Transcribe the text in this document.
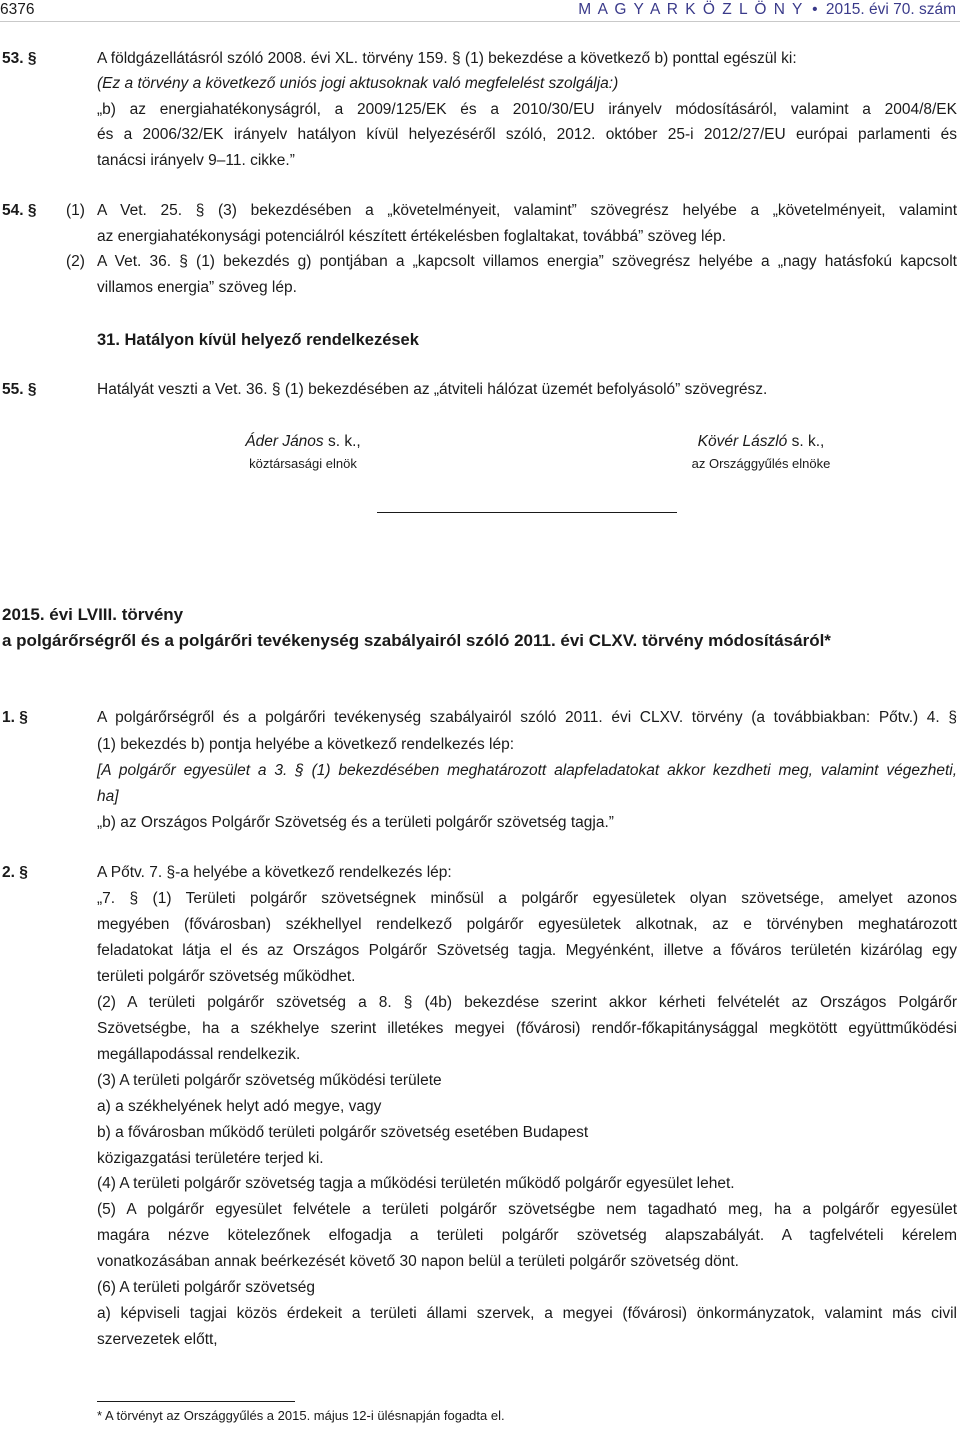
6376	M A G Y A R K Ö Z L Ö N Y • 2015. évi 70. szám
53. §	A földgázellátásról szóló 2008. évi XL. törvény 159. § (1) bekezdése a következő b) ponttal egészül ki:
(Ez a törvény a következő uniós jogi aktusoknak való megfelelést szolgálja:)
„b) az energiahatékonyságról, a 2009/125/EK és a 2010/30/EU irányelv módosításáról, valamint a 2004/8/EK
és a 2006/32/EK irányelv hatályon kívül helyezéséről szóló, 2012. október 25-i 2012/27/EU európai parlamenti és
tanácsi irányelv 9–11. cikke.”
54. § (1) A Vet. 25. § (3) bekezdésében a „követelményeit, valamint” szövegrész helyébe a „követelményeit, valamint
az energiahatékonysági potenciálról készített értékelésben foglaltakat, továbbá” szöveg lép.
(2) A Vet. 36. § (1) bekezdés g) pontjában a „kapcsolt villamos energia” szövegrész helyébe a „nagy hatásfokú kapcsolt
villamos energia” szöveg lép.
31. Hatályon kívül helyező rendelkezések
55. §	Hatályát veszti a Vet. 36. § (1) bekezdésében az „átviteli hálózat üzemét befolyásoló” szövegrész.
Áder János s. k.,
köztársasági elnök
Kövér László s. k.,
az Országgyűlés elnöke
2015. évi LVIII. törvény
a polgárőrségről és a polgárőri tevékenység szabályairól szóló 2011. évi CLXV. törvény módosításáról*
1. §	A polgárőrségről és a polgárőri tevékenység szabályairól szóló 2011. évi CLXV. törvény (a továbbiakban: Pőtv.) 4. §
(1) bekezdés b) pontja helyébe a következő rendelkezés lép:
[A polgárőr egyesület a 3. § (1) bekezdésében meghatározott alapfeladatokat akkor kezdheti meg, valamint végezheti,
ha]
„b) az Országos Polgárőr Szövetség és a területi polgárőr szövetség tagja.”
2. §	A Pőtv. 7. §-a helyébe a következő rendelkezés lép:
„7. § (1) Területi polgárőr szövetségnek minősül a polgárőr egyesületek olyan szövetsége, amelyet azonos
megyében (fővárosban) székhellyel rendelkező polgárőr egyesületek alkotnak, az e törvényben meghatározott
feladatokat látja el és az Országos Polgárőr Szövetség tagja. Megyénként, illetve a főváros területén kizárólag egy
területi polgárőr szövetség működhet.
(2) A területi polgárőr szövetség a 8. § (4b) bekezdése szerint akkor kérheti felvételét az Országos Polgárőr
Szövetségbe, ha a székhelye szerint illetékes megyei (fővárosi) rendőr-főkapitánysággal megkötött együttműködési
megállapodással rendelkezik.
(3) A területi polgárőr szövetség működési területe
a) a székhelyének helyt adó megye, vagy
b) a fővárosban működő területi polgárőr szövetség esetében Budapest
közigazgatási területére terjed ki.
(4) A területi polgárőr szövetség tagja a működési területén működő polgárőr egyesület lehet.
(5) A polgárőr egyesület felvétele a területi polgárőr szövetségbe nem tagadható meg, ha a polgárőr egyesület
magára nézve kötelezőnek elfogadja a területi polgárőr szövetség alapszabályát. A tagfelvételi kérelem
vonatkozásában annak beérkezését követő 30 napon belül a területi polgárőr szövetség dönt.
(6) A területi polgárőr szövetség
a) képviseli tagjai közös érdekeit a területi állami szervek, a megyei (fővárosi) önkormányzatok, valamint más civil
szervezetek előtt,
* A törvényt az Országgyűlés a 2015. május 12-i ülésnapján fogadta el.
